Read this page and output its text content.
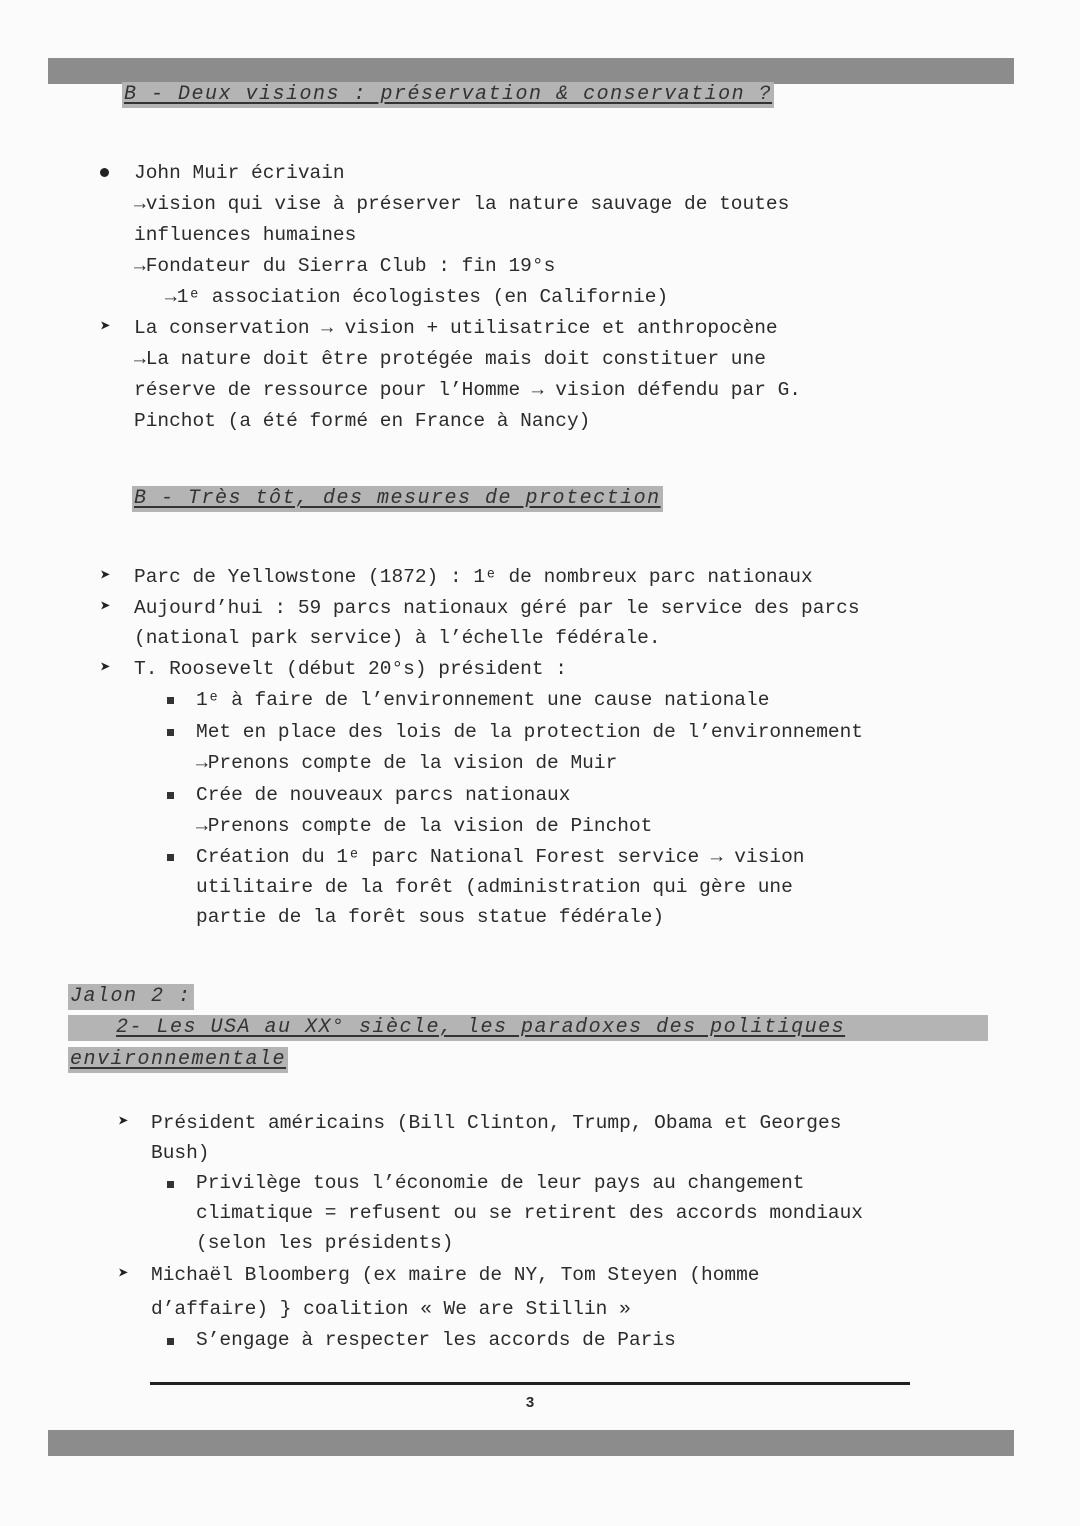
B - Deux visions : préservation & conservation ?
John Muir écrivain
→vision qui vise à préserver la nature sauvage de toutes
influences humaines
→Fondateur du Sierra Club : fin 19°s
→1ᵉ association écologistes (en Californie)
➤ La conservation → vision + utilisatrice et anthropocène
→La nature doit être protégée mais doit constituer une
réserve de ressource pour l’Homme → vision défendu par G.
Pinchot (a été formé en France à Nancy)
B - Très tôt, des mesures de protection
➤ Parc de Yellowstone (1872) : 1ᵉ de nombreux parc nationaux
➤ Aujourd’hui : 59 parcs nationaux géré par le service des parcs
(national park service) à l’échelle fédérale.
➤ T. Roosevelt (début 20°s) président :
1ᵉ à faire de l’environnement une cause nationale
Met en place des lois de la protection de l’environnement
→Prenons compte de la vision de Muir
Crée de nouveaux parcs nationaux
→Prenons compte de la vision de Pinchot
Création du 1ᵉ parc National Forest service → vision
utilitaire de la forêt (administration qui gère une
partie de la forêt sous statue fédérale)
Jalon 2 :
2- Les USA au XX° siècle, les paradoxes des politiques
environnementale
➤ Président américains (Bill Clinton, Trump, Obama et Georges
Bush)
Privilège tous l’économie de leur pays au changement
climatique = refusent ou se retirent des accords mondiaux
(selon les présidents)
➤ Michaël Bloomberg (ex maire de NY, Tom Steyen (homme
d’affaire) } coalition « We are Stillin »
S’engage à respecter les accords de Paris
3
